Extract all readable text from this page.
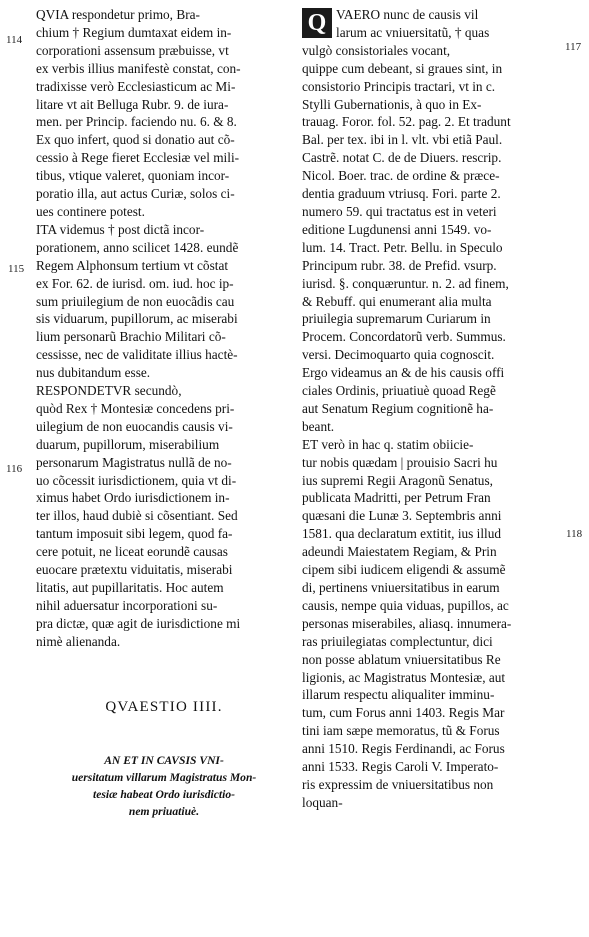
114
115
116
117
118
QVIA respondetur primo, Bra-
chium † Regium dumtaxat eidem in-
corporationi assensum præbuisse, vt
ex verbis illius manifestè constat, con-
tradixisse verò Ecclesiasticum ac Mi-
litare vt ait Belluga Rubr. 9. de iura-
men. per Princip. faciendo nu. 6. & 8.
Ex quo infert, quod si donatio aut cõ-
cessio à Rege fieret Ecclesiæ vel mili-
tibus, vtique valeret, quoniam incor-
poratio illa, aut actus Curiæ, solos ci-
ues continere potest.
ITA videmus † post dictã incor-
porationem, anno scilicet 1428. eundẽ
Regem Alphonsum tertium vt cõstat
ex For. 62. de iurisd. om. iud. hoc ip-
sum priuilegium de non euocãdis cau
sis viduarum, pupillorum, ac miserabi
lium personarũ Brachio Militari cõ-
cessisse, nec de validitate illius hactè-
nus dubitandum esse.
RESPONDETVR secundò,
quòd Rex † Montesiæ concedens pri-
uilegium de non euocandis causis vi-
duarum, pupillorum, miserabilium
personarum Magistratus nullã de no-
uo cõcessit iurisdictionem, quia vt di-
ximus habet Ordo iurisdictionem in-
ter illos, haud dubiè si cõsentiant. Sed
tantum imposuit sibi legem, quod fa-
cere potuit, ne liceat eorundẽ causas
euocare prætextu viduitatis, miserabi
litatis, aut pupillaritatis. Hoc autem
nihil aduersatur incorporationi su-
pra dictæ, quæ agit de iurisdictione mi
nimè alienanda.
QVAESTIO IIII.
AN ET IN CAVSIS VNI-
uersitatum villarum Magistratus Mon-
tesiæ habeat Ordo iurisdictio-
nem priuatiuè.
Q VAERO nunc de causis vil
larum ac vniuersitatũ, † quas
vulgò consistoriales vocant,
quippe cum debeant, si graues sint, in
consistorio Principis tractari, vt in c.
Stylli Gubernationis, à quo in Ex-
trauag. Foror. fol. 52. pag. 2. Et tradunt
Bal. per tex. ibi in l. vlt. vbi etiã Paul.
Castrẽ. notat C. de de Diuers. rescrip.
Nicol. Boer. trac. de ordine & præce-
dentia graduum vtriusq. Fori. parte 2.
numero 59. qui tractatus est in veteri
editione Lugdunensi anni 1549. vo-
lum. 14. Tract. Petr. Bellu. in Speculo
Principum rubr. 38. de Prefid. vsurp.
iurisd. §. conquæruntur. n. 2. ad finem,
& Rebuff. qui enumerant alia multa
priuilegia supremarum Curiarum in
Procem. Concordatorũ verb. Summus.
versi. Decimoquarto quia cognoscit.
Ergo videamus an & de his causis offi
ciales Ordinis, priuatiuè quoad Regẽ
aut Senatum Regium cognitionẽ ha-
beant.
ET verò in hac q. statim obiicie-
tur nobis quædam | prouisio Sacri hu
ius supremi Regii Aragonũ Senatus,
publicata Madritti, per Petrum Fran
quæsani die Lunæ 3. Septembris anni
1581. qua declaratum extitit, ius illud
adeundi Maiestatem Regiam, & Prin
cipem sibi iudicem eligendi & assumẽ
di, pertinens vniuersitatibus in earum
causis, nempe quia viduas, pupillos, ac
personas miserabiles, aliasq. innumera-
ras priuilegiatas complectuntur, dici
non posse ablatum vniuersitatibus Re
ligionis, ac Magistratus Montesiæ, aut
illarum respectu aliqualiter imminu-
tum, cum Forus anni 1403. Regis Mar
tini iam sæpe memoratus, tũ & Forus
anni 1510. Regis Ferdinandi, ac Forus
anni 1533. Regis Caroli V. Imperato-
ris expressim de vniuersitatibus non
loquan-
